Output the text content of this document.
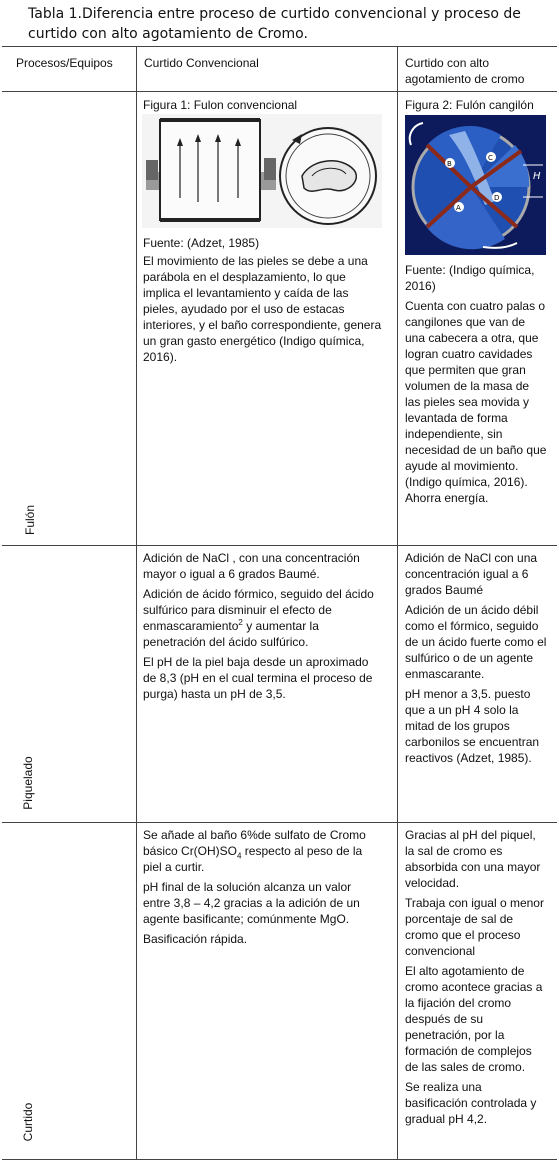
Tabla 1.Diferencia entre proceso de curtido convencional y proceso de curtido con alto agotamiento de Cromo.
Procesos/Equipos	Curtido Convencional	Curtido con alto agotamiento de cromo
Fulón
Piquelado
Curtido
Figura 1: Fulon convencional
Fuente: (Adzet, 1985)
El movimiento de las pieles se debe a una parábola en el desplazamiento, lo que implica el levantamiento y caída de las pieles, ayudado por el uso de estacas interiores, y el baño correspondiente, genera un gran gasto energético (Indigo química, 2016).
Figura 2: Fulón cangilón
B
C
D
A
H
Fuente: (Indigo química, 2016)
Cuenta con cuatro palas o cangilones que van de una cabecera a otra, que logran cuatro cavidades que permiten que gran volumen de la masa de las pieles sea movida y levantada de forma independiente, sin necesidad de un baño que ayude al movimiento. (Indigo química, 2016). Ahorra energía.

Adición de NaCl , con una concentración mayor o igual a 6 grados Baumé.

Adición de ácido fórmico, seguido del ácido sulfúrico para disminuir el efecto de enmascaramiento$^2$ y aumentar la penetración del ácido sulfúrico.

El pH de la piel baja desde un aproximado de 8,3 (pH en el cual termina el proceso de purga) hasta un pH de 3,5.

Adición de NaCl con una concentración igual a 6 grados Baumé

Adición de un ácido débil como el fórmico, seguido de un ácido fuerte como el sulfúrico o de un agente enmascarante.

pH menor a 3,5. puesto que a un pH 4 solo la mitad de los grupos carbonilos se encuentran reactivos (Adzet, 1985).

Se añade al baño 6%de sulfato de Cromo básico $Cr(OH)SO_4$ respecto al peso de la piel a curtir.

pH final de la solución alcanza un valor entre 3,8 – 4,2 gracias a la adición de un agente basificante; comúnmente MgO.

Basificación rápida.

Gracias al pH del piquel, la sal de cromo es absorbida con una mayor velocidad.

Trabaja con igual o menor porcentaje de sal de cromo que el proceso convencional

El alto agotamiento de cromo acontece gracias a la fijación del cromo después de su penetración, por la formación de complejos de las sales de cromo.

Se realiza una basificación controlada y gradual pH 4,2.
